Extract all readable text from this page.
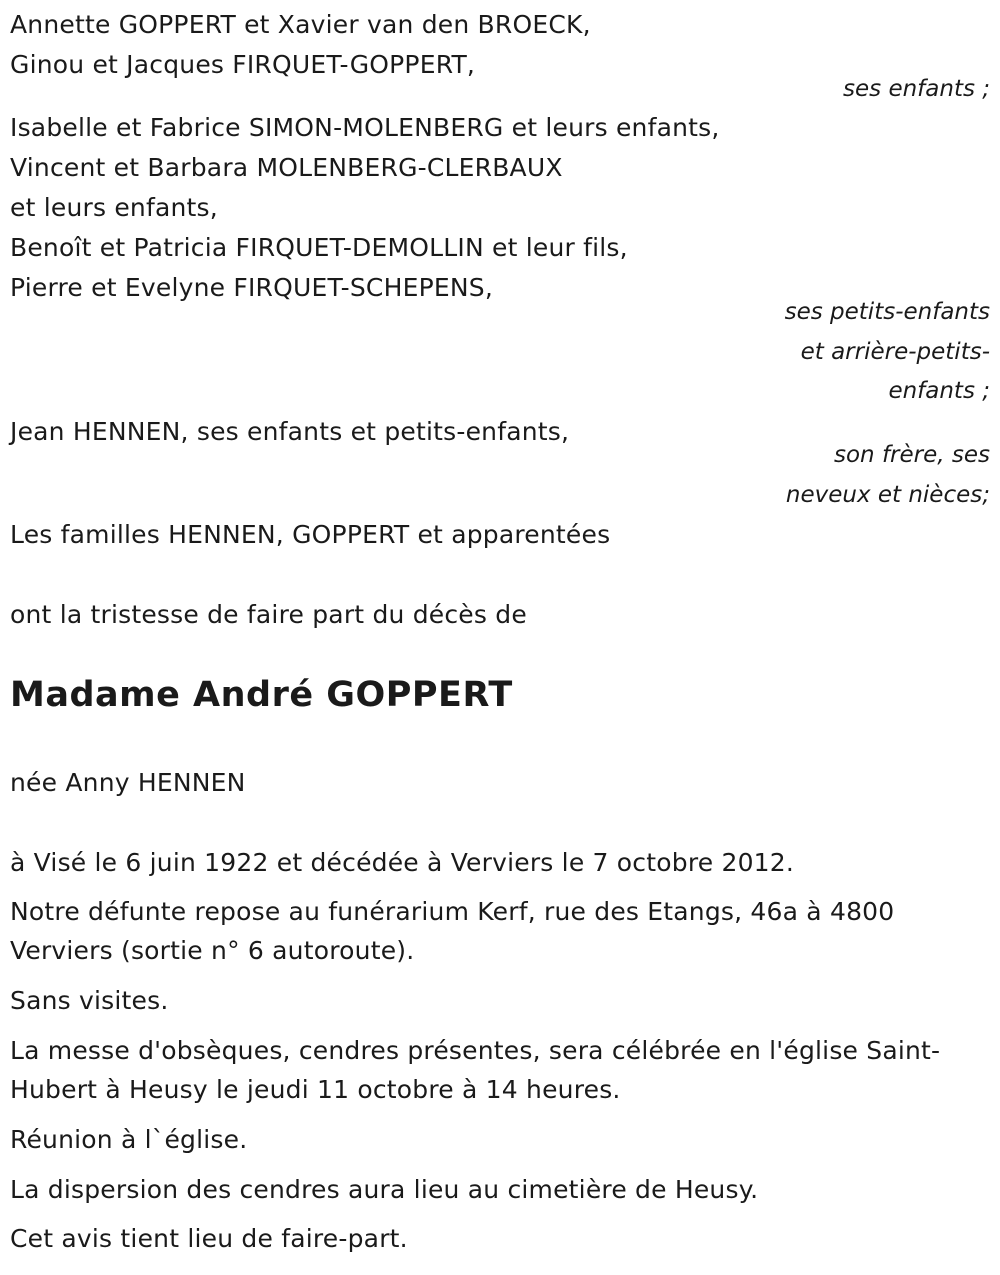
Annette GOPPERT et Xavier van den BROECK,

Ginou et Jacques FIRQUET-GOPPERT,

ses enfants ;

Isabelle et Fabrice SIMON-MOLENBERG et leurs enfants,

Vincent et Barbara MOLENBERG-CLERBAUX

et leurs enfants,

Benoît et Patricia FIRQUET-DEMOLLIN et leur fils,

Pierre et Evelyne FIRQUET-SCHEPENS,

ses petits-enfants

et arrière-petits-

enfants ;

Jean HENNEN, ses enfants et petits-enfants,

son frère, ses

neveux et nièces;

Les familles HENNEN, GOPPERT et apparentées

ont la tristesse de faire part du décès de

Madame André GOPPERT

née Anny HENNEN

à Visé le 6 juin 1922 et décédée à Verviers le 7 octobre 2012.

Notre défunte repose au funérarium Kerf, rue des Etangs, 46a à 4800

Verviers (sortie n° 6 autoroute).

Sans visites.

La messe d'obsèques, cendres présentes, sera célébrée en l'église Saint-

Hubert à Heusy le jeudi 11 octobre à 14 heures.

Réunion à l`église.

La dispersion des cendres aura lieu au cimetière de Heusy.

Cet avis tient lieu de faire-part.
